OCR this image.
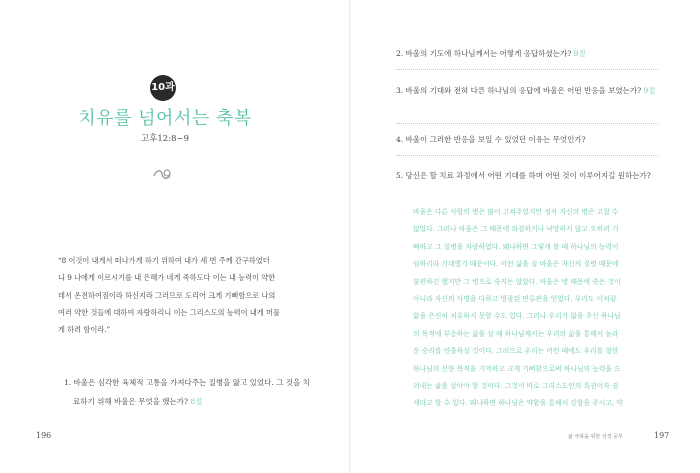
10과
치유를 넘어서는 축복
고후12:8~9
“8 이것이 내게서 떠나가게 하기 위하여 내가 세 번 주께 간구하였더
니 9 나에게 이르시기를 내 은혜가 네게 족하도다 이는 내 능력이 약한
데서 온전하여짐이라 하신지라 그러므로 도리어 크게 기뻐함으로 나의
여러 약한 것들에 대하여 자랑하리니 이는 그리스도의 능력이 내게 머물
게 하려 함이라.”
1. 바울은 심각한 육체적 고통을 가져다주는 질병을 앓고 있었다. 그 것을 치료하기 위해 바울은 무엇을 했는가? 8절
196
2. 바울의 기도에 하나님께서는 어떻게 응답하셨는가? 9절
3. 바울의 기대와 전혀 다른 하나님의 응답에 바울은 어떤 반응을 보였는가? 9절
4. 바울이 그러한 반응을 보일 수 있었던 이유는 무엇인가?
5. 당신은 할 치료 과정에서 어떤 기대를 하며 어떤 것이 이루어지길 원하는가?
바울은 다른 사람의 병은 많이 고쳐주었지만 정작 자신의 병은 고칠 수
없었다. 그러나 바울은 그 때문에 좌절하거나 낙망하지 않고 오히려 기
뻐하고 그 질병을 자랑하였다. 왜냐하면 그렇게 할 때 하나님의 능력이
임하리라 기대했기 때문이다. 어떤 삶을 살 바울은 자신의 질병 때문에
불편하긴 했지만 그 병으로 죽지는 않았다. 바울은 병 때문에 죽은 것이
아니라 자신의 사명을 다하고 영광된 면류관을 얻었다. 우리도 이처럼
앓을 은진히 치유하지 못할 수도 있다. 그러나 우리가 앓을 주신 하나님
의 목적에 부응하는 삶을 살 때 하나님께서는 우리의 삶을 통해서 놀라
운 승리를 연출하실 것이다. 그러므로 우리는 어떤 때에도 우리를 향한
하나님의 선한 목적을 기억하고 크게 기뻐함으로써 하나님의 능력을 드
러내는 삶을 살아야 할 것이다. 그것이 바로 그리스도인의 특권이자 권
세라고 할 수 있다. 왜냐하면 하나님은 약함을 통해서 강함을 주시고, 약
삶 극복을 위한 성경 공부	197
